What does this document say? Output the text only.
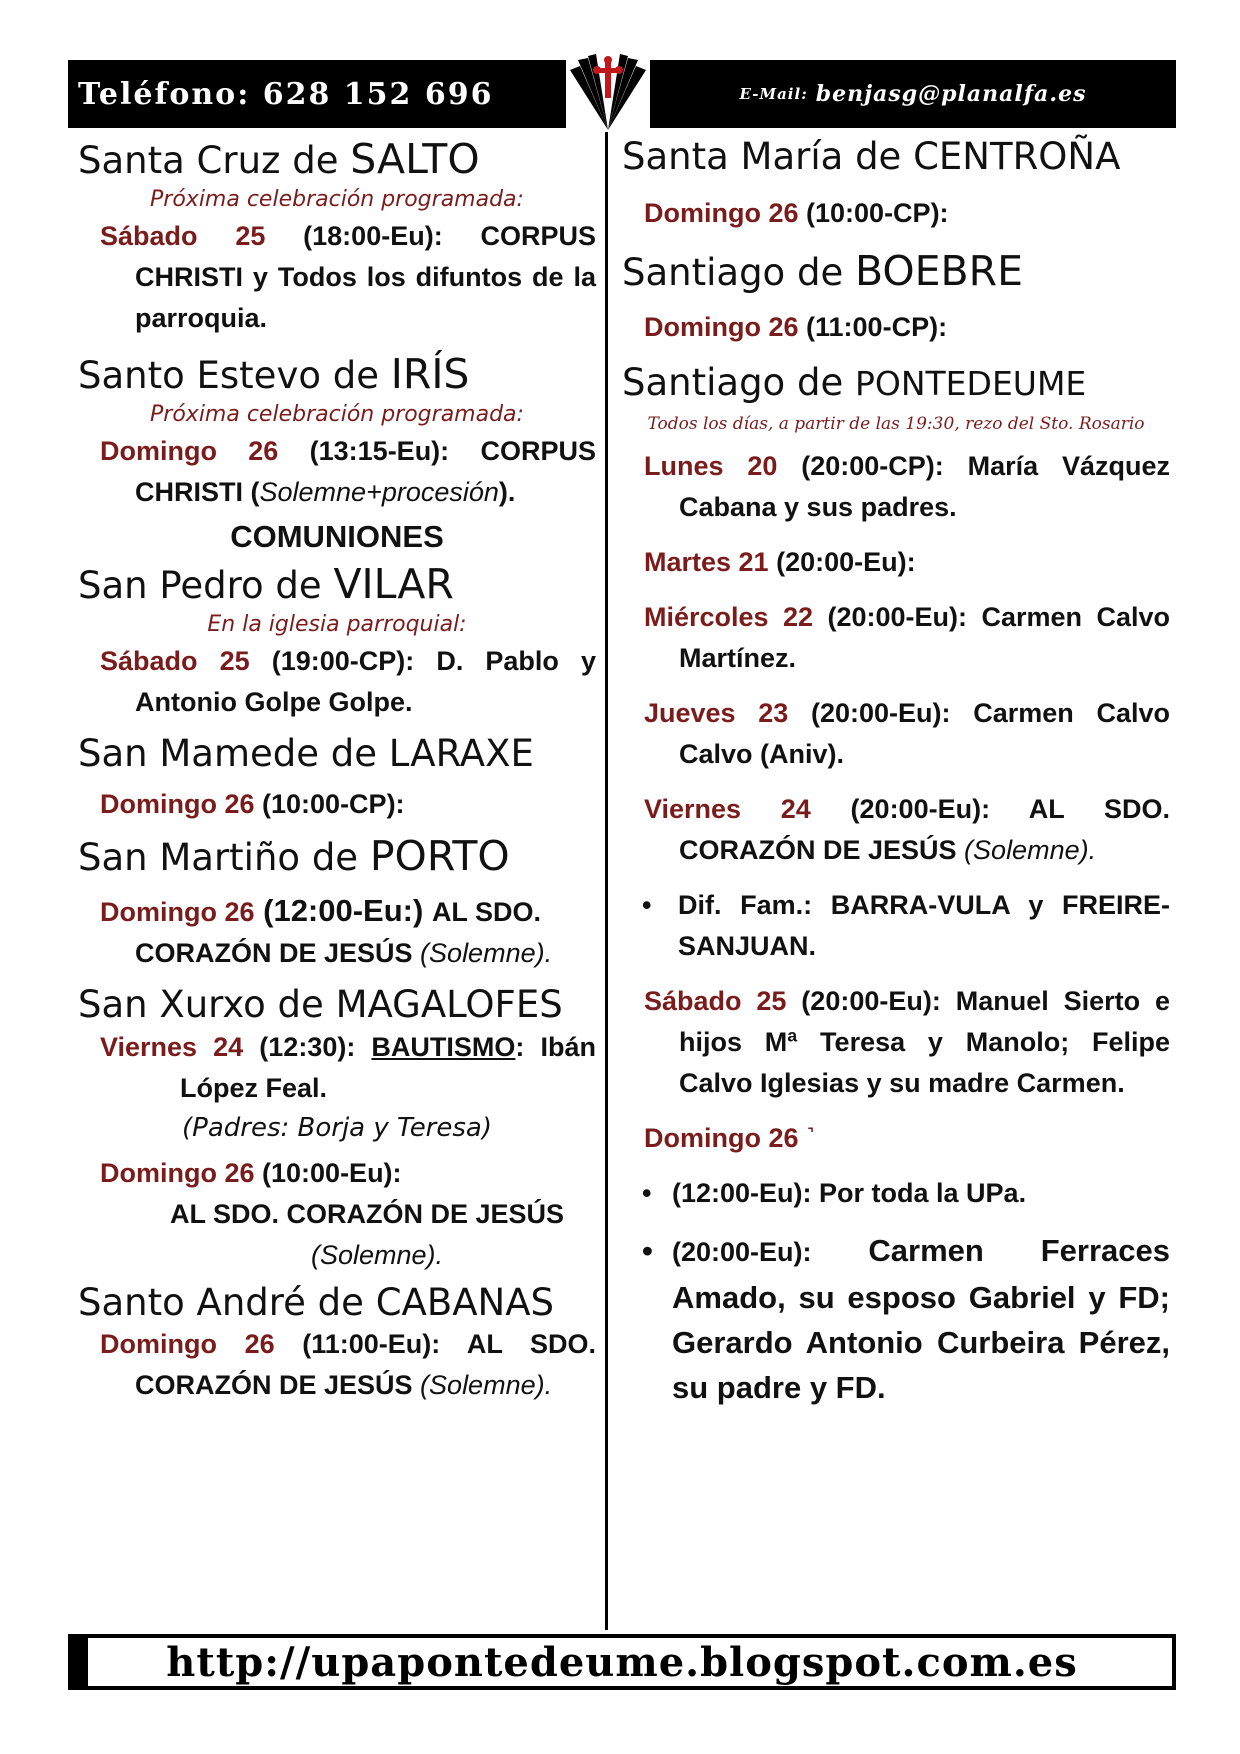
Teléfono: 628 152 696	E-Mail: benjasg@planalfa.es

Santa Cruz de SALTO

Próxima celebración programada:

Sábado 25 (18:00-Eu): CORPUS CHRISTI y Todos los difuntos de la parroquia.

Santo Estevo de IRÍS

Próxima celebración programada:

Domingo 26 (13:15-Eu): CORPUS CHRISTI (Solemne+procesión).

COMUNIONES

San Pedro de VILAR

En la iglesia parroquial:

Sábado 25 (19:00-CP): D. Pablo y Antonio Golpe Golpe.

San Mamede de LARAXE

Domingo 26 (10:00-CP):

San Martiño de PORTO

Domingo 26 (12:00-Eu:) AL SDO. CORAZÓN DE JESÚS (Solemne).

San Xurxo de MAGALOFES

Viernes 24 (12:30): BAUTISMO: Ibán López Feal.

(Padres: Borja y Teresa)

Domingo 26 (10:00-Eu):

AL SDO. CORAZÓN DE JESÚS

(Solemne).

Santo André de CABANAS

Domingo 26 (11:00-Eu): AL SDO. CORAZÓN DE JESÚS (Solemne).

Santa María de CENTROÑA

Domingo 26 (10:00-CP):

Santiago de BOEBRE

Domingo 26 (11:00-CP):

Santiago de PONTEDEUME

Todos los días, a partir de las 19:30, rezo del Sto. Rosario

Lunes 20 (20:00-CP): María Vázquez Cabana y sus padres.

Martes 21 (20:00-Eu):

Miércoles 22 (20:00-Eu): Carmen Calvo Martínez.

Jueves 23 (20:00-Eu): Carmen Calvo Calvo (Aniv).

Viernes 24 (20:00-Eu): AL SDO. CORAZÓN DE JESÚS (Solemne).

• Dif. Fam.: BARRA-VULA y FREIRE-SANJUAN.

Sábado 25 (20:00-Eu): Manuel Sierto e hijos Mª Teresa y Manolo; Felipe Calvo Iglesias y su madre Carmen.

Domingo 26 ˺

• (12:00-Eu): Por toda la UPa.

• (20:00-Eu): Carmen Ferraces Amado, su esposo Gabriel y FD; Gerardo Antonio Curbeira Pérez, su padre y FD.

http://upapontedeume.blogspot.com.es
